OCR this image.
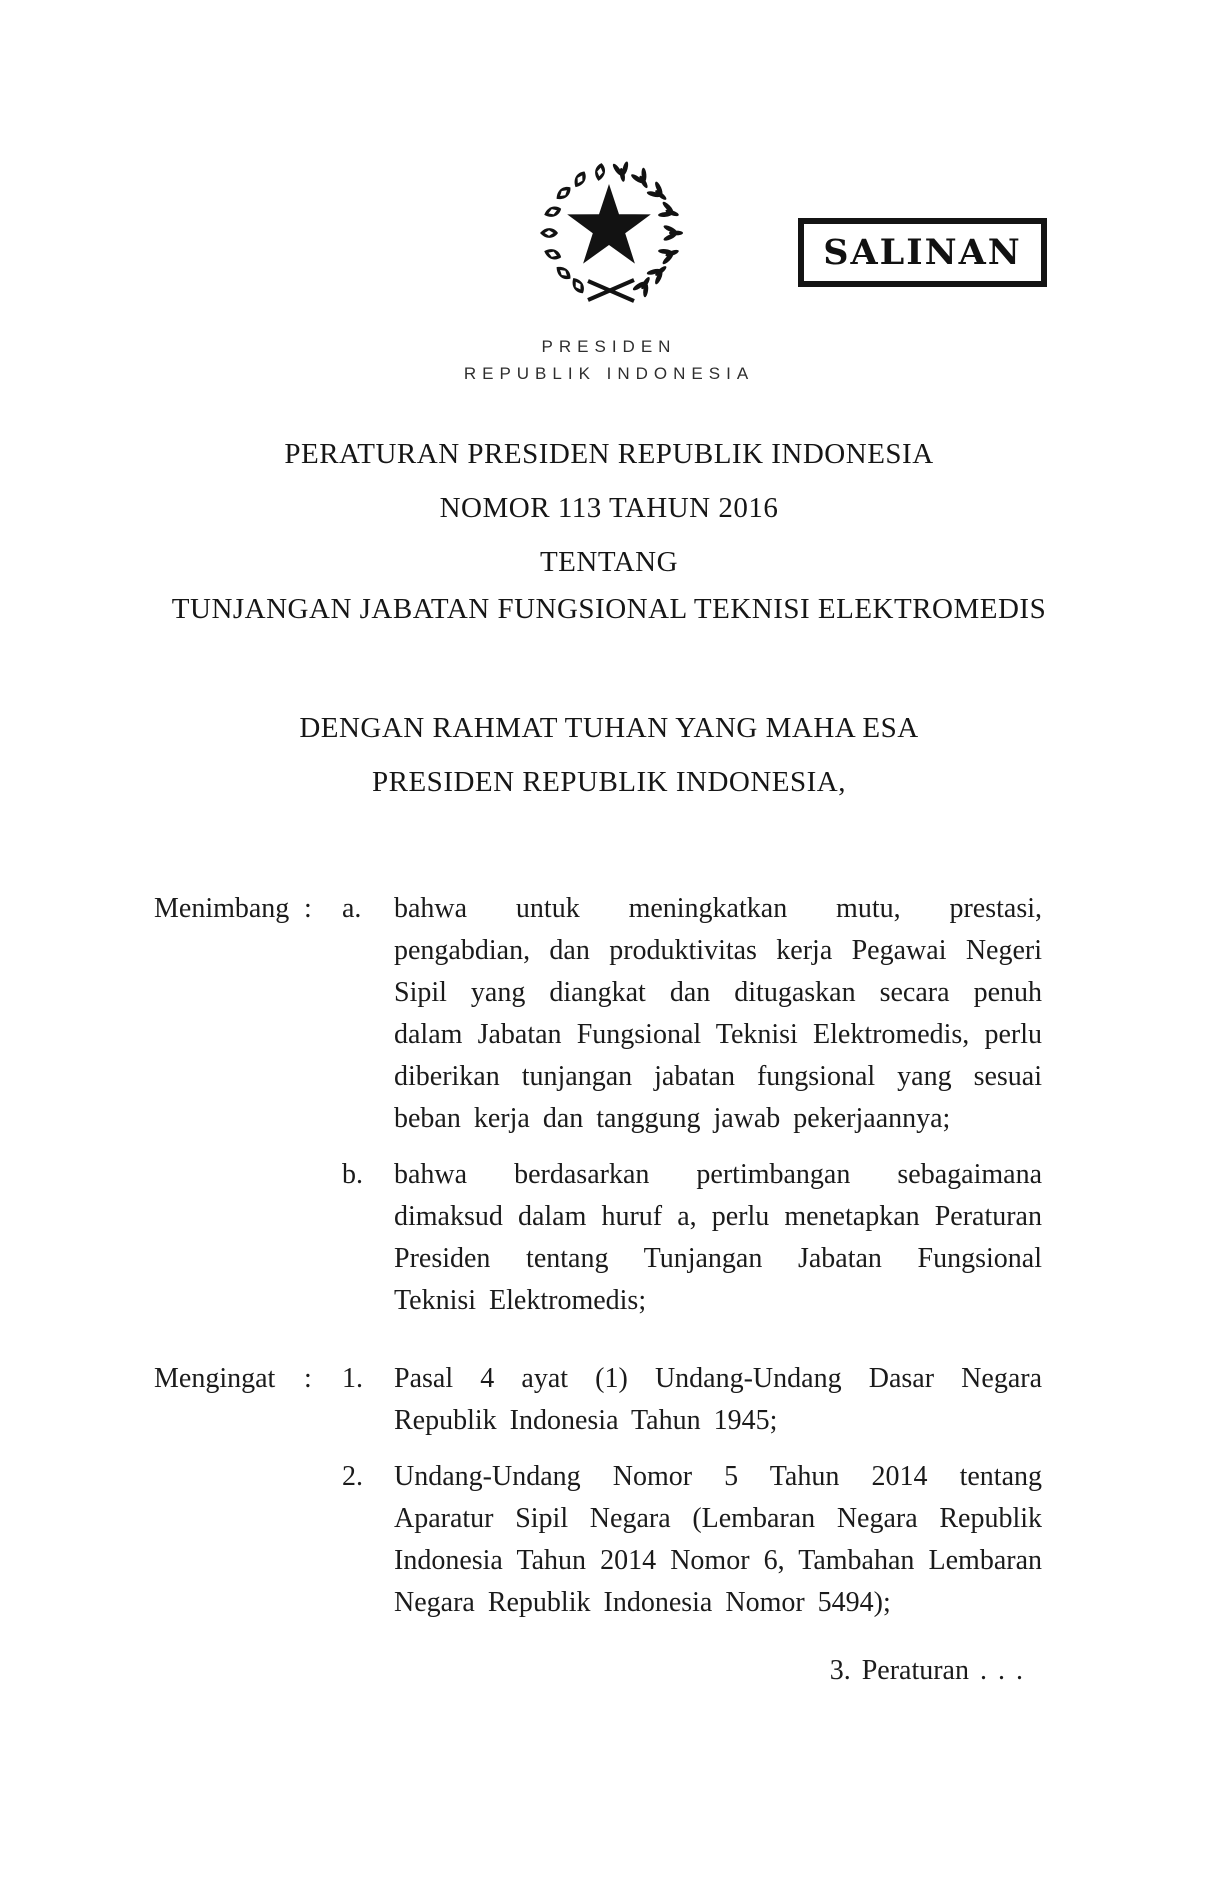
SALINAN
PRESIDEN
REPUBLIK INDONESIA
PERATURAN PRESIDEN REPUBLIK INDONESIA
NOMOR 113 TAHUN 2016
TENTANG
TUNJANGAN JABATAN FUNGSIONAL TEKNISI ELEKTROMEDIS
DENGAN RAHMAT TUHAN YANG MAHA ESA
PRESIDEN REPUBLIK INDONESIA,
Menimbang :	a.	bahwa untuk meningkatkan mutu, prestasi, pengabdian, dan produktivitas kerja Pegawai Negeri Sipil yang diangkat dan ditugaskan secara penuh dalam Jabatan Fungsional Teknisi Elektromedis, perlu diberikan tunjangan jabatan fungsional yang sesuai beban kerja dan tanggung jawab pekerjaannya;
b.	bahwa berdasarkan pertimbangan sebagaimana dimaksud dalam huruf a, perlu menetapkan Peraturan Presiden tentang Tunjangan Jabatan Fungsional Teknisi Elektromedis;
Mengingat	:	1.	Pasal 4 ayat (1) Undang-Undang Dasar Negara Republik Indonesia Tahun 1945;
2.	Undang-Undang Nomor 5 Tahun 2014 tentang Aparatur Sipil Negara (Lembaran Negara Republik Indonesia Tahun 2014 Nomor 6, Tambahan Lembaran Negara Republik Indonesia Nomor 5494);
3. Peraturan . . .
